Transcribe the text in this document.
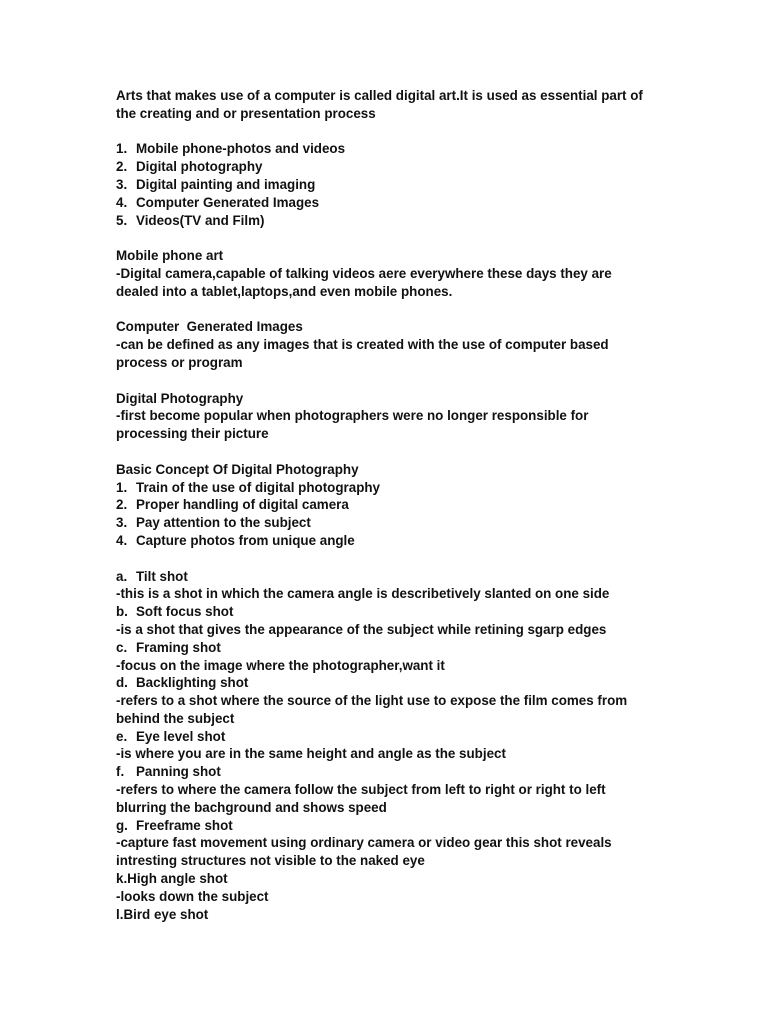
Arts that makes use of a computer is called digital art.It is used as essential part of
the creating and or presentation process
1. Mobile phone-photos and videos
2. Digital photography
3. Digital painting and imaging
4. Computer Generated Images
5. Videos(TV and Film)
Mobile phone art
-Digital camera,capable of talking videos aere everywhere these days they are
dealed into a tablet,laptops,and even mobile phones.
Computer  Generated Images
-can be defined as any images that is created with the use of computer based
process or program
Digital Photography
-first become popular when photographers were no longer responsible for
processing their picture
Basic Concept Of Digital Photography
1. Train of the use of digital photography
2. Proper handling of digital camera
3. Pay attention to the subject
4. Capture photos from unique angle
a. Tilt shot
-this is a shot in which the camera angle is describetively slanted on one side
b. Soft focus shot
-is a shot that gives the appearance of the subject while retining sgarp edges
c. Framing shot
-focus on the image where the photographer,want it
d. Backlighting shot
-refers to a shot where the source of the light use to expose the film comes from
behind the subject
e. Eye level shot
-is where you are in the same height and angle as the subject
f. Panning shot
-refers to where the camera follow the subject from left to right or right to left
blurring the bachground and shows speed
g. Freeframe shot
-capture fast movement using ordinary camera or video gear this shot reveals
intresting structures not visible to the naked eye
k.High angle shot
-looks down the subject
l.Bird eye shot
